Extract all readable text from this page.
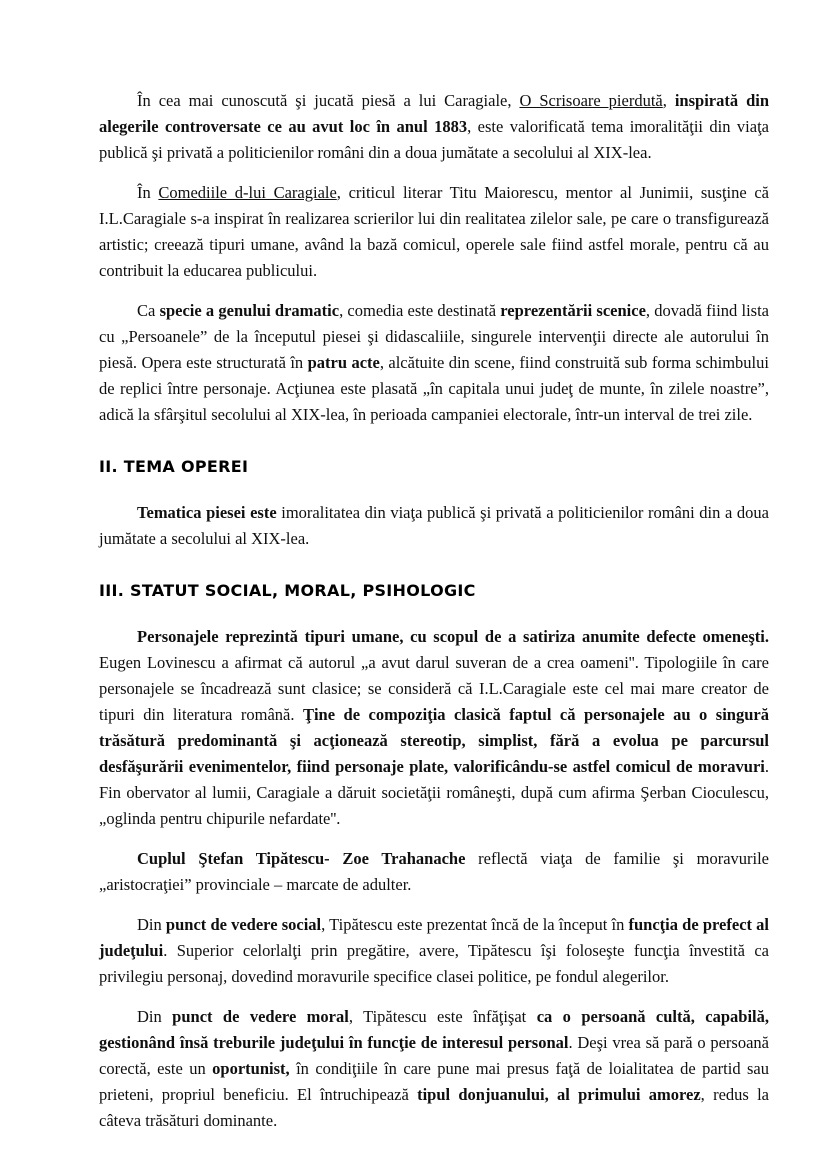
În cea mai cunoscută şi jucată piesă a lui Caragiale, O Scrisoare pierdută, inspirată din alegerile controversate ce au avut loc în anul 1883, este valorificată tema imoralităţii din viaţa publică şi privată a politicienilor români din a doua jumătate a secolului al XIX-lea.

În Comediile d-lui Caragiale, criticul literar Titu Maiorescu, mentor al Junimii, susţine că I.L.Caragiale s-a inspirat în realizarea scrierilor lui din realitatea zilelor sale, pe care o transfigurează artistic; creează tipuri umane, având la bază comicul, operele sale fiind astfel morale, pentru că au contribuit la educarea publicului.

Ca specie a genului dramatic, comedia este destinată reprezentării scenice, dovadă fiind lista cu „Persoanele” de la începutul piesei şi didascaliile, singurele intervenţii directe ale autorului în piesă. Opera este structurată în patru acte, alcătuite din scene, fiind construită sub forma schimbului de replici între personaje. Acţiunea este plasată „în capitala unui judeţ de munte, în zilele noastre”, adică la sfârşitul secolului al XIX-lea, în perioada campaniei electorale, într-un interval de trei zile.

II. TEMA OPEREI

Tematica piesei este imoralitatea din viaţa publică şi privată a politicienilor români din a doua jumătate a secolului al XIX-lea.

III. STATUT SOCIAL, MORAL, PSIHOLOGIC

Personajele reprezintă tipuri umane, cu scopul de a satiriza anumite defecte omeneşti. Eugen Lovinescu a afirmat că autorul „a avut darul suveran de a crea oameni''. Tipologiile în care personajele se încadrează sunt clasice; se consideră că I.L.Caragiale este cel mai mare creator de tipuri din literatura română. Ţine de compoziţia clasică faptul că personajele au o singură trăsătură predominantă şi acţionează stereotip, simplist, fără a evolua pe parcursul desfăşurării evenimentelor, fiind personaje plate, valorificându-se astfel comicul de moravuri. Fin obervator al lumii, Caragiale a dăruit societăţii româneşti, după cum afirma Şerban Cioculescu, „oglinda pentru chipurile nefardate''.

Cuplul Ştefan Tipătescu- Zoe Trahanache reflectă viaţa de familie şi moravurile „aristocraţiei” provinciale – marcate de adulter.

Din punct de vedere social, Tipătescu este prezentat încă de la început în funcţia de prefect al judeţului. Superior celorlalţi prin pregătire, avere, Tipătescu îşi foloseşte funcţia învestită ca privilegiu personaj, dovedind moravurile specifice clasei politice, pe fondul alegerilor.

Din punct de vedere moral, Tipătescu este înfăţişat ca o persoană cultă, capabilă, gestionând însă treburile judeţului în funcţie de interesul personal. Deşi vrea să pară o persoană corectă, este un oportunist, în condiţiile în care pune mai presus faţă de loialitatea de partid sau prieteni, propriul beneficiu. El întruchipează tipul donjuanului, al primului amorez, redus la câteva trăsături dominante.
